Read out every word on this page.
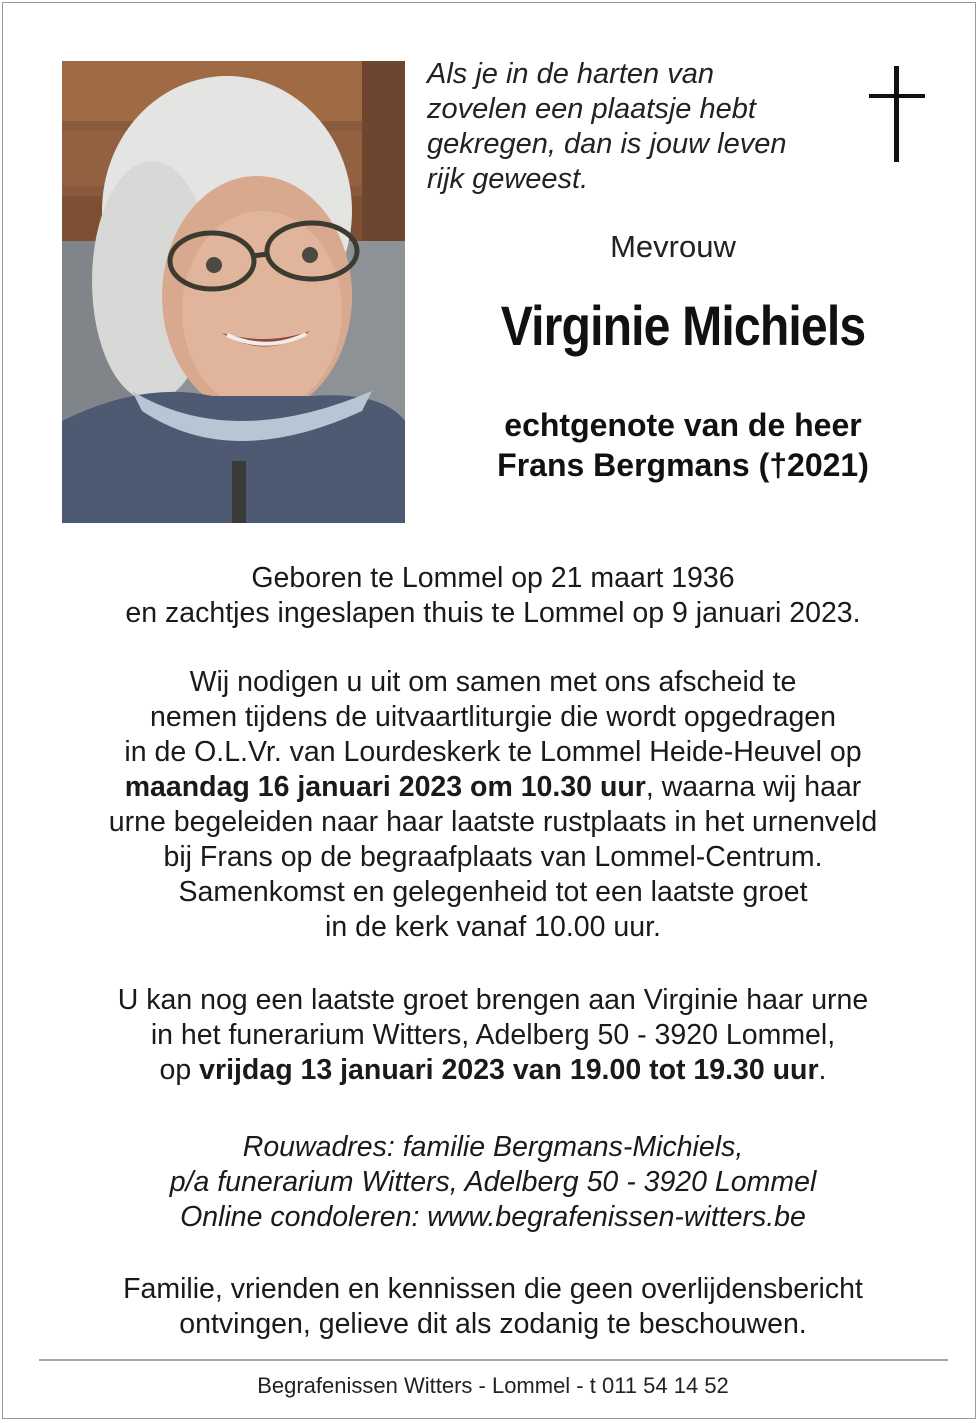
Als je in de harten van
zovelen een plaatsje hebt
gekregen, dan is jouw leven
rijk geweest.
Mevrouw
Virginie Michiels
echtgenote van de heer
Frans Bergmans (†2021)
Geboren te Lommel op 21 maart 1936
en zachtjes ingeslapen thuis te Lommel op 9 januari 2023.
Wij nodigen u uit om samen met ons afscheid te
nemen tijdens de uitvaartliturgie die wordt opgedragen
in de O.L.Vr. van Lourdeskerk te Lommel Heide-Heuvel op
maandag 16 januari 2023 om 10.30 uur, waarna wij haar
urne begeleiden naar haar laatste rustplaats in het urnenveld
bij Frans op de begraafplaats van Lommel-Centrum.
Samenkomst en gelegenheid tot een laatste groet
in de kerk vanaf 10.00 uur.
U kan nog een laatste groet brengen aan Virginie haar urne
in het funerarium Witters, Adelberg 50 - 3920 Lommel,
op vrijdag 13 januari 2023 van 19.00 tot 19.30 uur.
Rouwadres: familie Bergmans-Michiels,
p/a funerarium Witters, Adelberg 50 - 3920 Lommel
Online condoleren: www.begrafenissen-witters.be
Familie, vrienden en kennissen die geen overlijdensbericht
ontvingen, gelieve dit als zodanig te beschouwen.
Begrafenissen Witters - Lommel - t 011 54 14 52
